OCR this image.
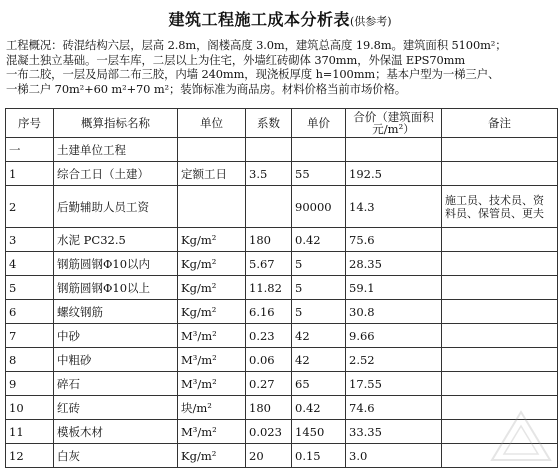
建筑工程施工成本分析表(供参考)
工程概况：砖混结构六层，层高 2.8m，阁楼高度 3.0m，建筑总高度 19.8m。建筑面积 5100m²；
混凝土独立基础。一层车库，二层以上为住宅，外墙红砖砌体 370mm，外保温 EPS70mm
一布二胶，一层及局部二布三胶，内墙 240mm，现浇板厚度 h=100mm；基本户型为一梯三户、
一梯二户 70m²+60 m²+70 m²；装饰标准为商品房。材料价格当前市场价格。
序号	概算指标名称	单位	系数	单价	合价（建筑面积元/m²）	备注
一	土建单位工程					
1	综合工日（土建）	定额工日	3.5	55	192.5	
2	后勤辅助人员工资			90000	14.3	施工员、技术员、资料员、保管员、更夫
3	水泥 PC32.5	Kg/m²	180	0.42	75.6	
4	钢筋圆钢Φ10以内	Kg/m²	5.67	5	28.35	
5	钢筋圆钢Φ10以上	Kg/m²	11.82	5	59.1	
6	螺纹钢筋	Kg/m²	6.16	5	30.8	
7	中砂	M³/m²	0.23	42	9.66	
8	中粗砂	M³/m²	0.06	42	2.52	
9	碎石	M³/m²	0.27	65	17.55	
10	红砖	块/m²	180	0.42	74.6	
11	模板木材	M³/m²	0.023	1450	33.35	
12	白灰	Kg/m²	20	0.15	3.0	
